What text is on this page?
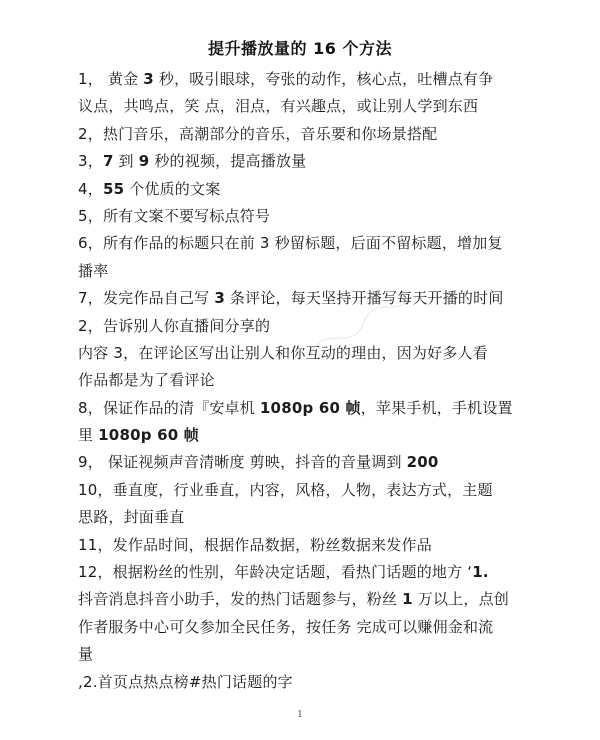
提升播放量的 16 个方法
1， 黄金 3 秒，吸引眼球，夸张的动作，核心点，吐槽点有争
议点，共鸣点，笑 点，泪点，有兴趣点，或让别人学到东西
2，热门音乐，高潮部分的音乐，音乐要和你场景搭配
3，7 到 9 秒的视频，提高播放量
4，55 个优质的文案
5，所有文案不要写标点符号
6，所有作品的标题只在前 3 秒留标题，后面不留标题，增加复
播率
7，发完作品自己写 3 条评论，每天坚持开播写每天开播的时间
2，告诉别人你直播间分享的
内容 3，在评论区写出让别人和你互动的理由，因为好多人看
作品都是为了看评论
8，保证作品的清『安卓机 1080p 60 帧，苹果手机，手机设置
里 1080p 60 帧
9， 保证视频声音清晰度 剪映，抖音的音量调到 200
10，垂直度，行业垂直，内容，风格，人物，表达方式，主题
思路，封面垂直
11，发作品时间，根据作品数据，粉丝数据来发作品
12，根据粉丝的性别，年龄决定话题，看热门话题的地方 ‘1.
抖音消息抖音小助手，发的热门话题参与，粉丝 1 万以上，点创
作者服务中心可夂参加全民任务，按任务 完成可以赚佣金和流
量
,2.首页点热点榜#热门话题的字
1
